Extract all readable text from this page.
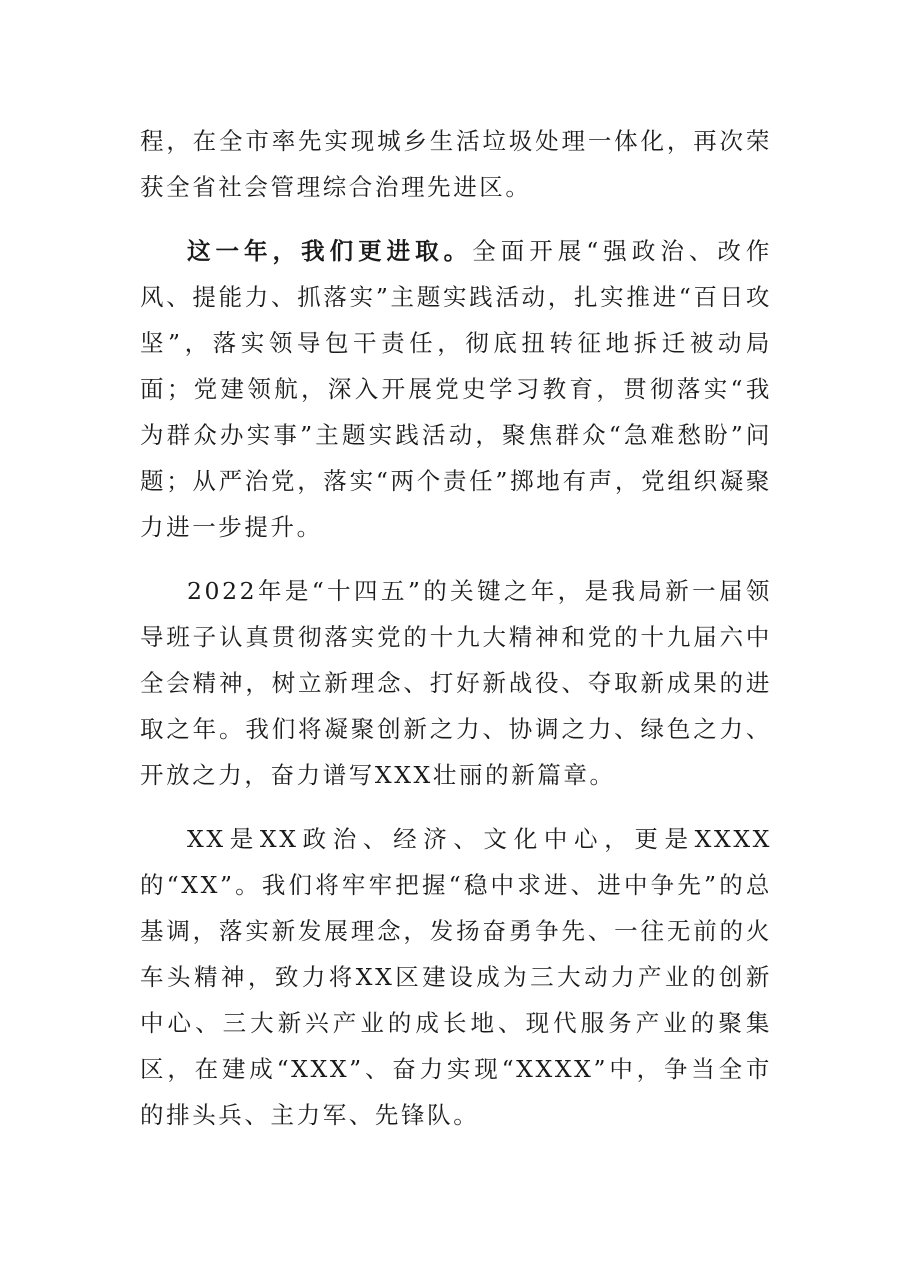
程，在全市率先实现城乡生活垃圾处理一体化，再次荣获全省社会管理综合治理先进区。

这一年，我们更进取。全面开展“强政治、改作风、提能力、抓落实”主题实践活动，扎实推进“百日攻坚”，落实领导包干责任，彻底扭转征地拆迁被动局面；党建领航，深入开展党史学习教育，贯彻落实“我为群众办实事”主题实践活动，聚焦群众“急难愁盼”问题；从严治党，落实“两个责任”掷地有声，党组织凝聚力进一步提升。

2022年是“十四五”的关键之年，是我局新一届领导班子认真贯彻落实党的十九大精神和党的十九届六中全会精神，树立新理念、打好新战役、夺取新成果的进取之年。我们将凝聚创新之力、协调之力、绿色之力、开放之力，奋力谱写XXX壮丽的新篇章。

XX是XX政治、经济、文化中心，更是XXXX的“XX”。我们将牢牢把握“稳中求进、进中争先”的总基调，落实新发展理念，发扬奋勇争先、一往无前的火车头精神，致力将XX区建设成为三大动力产业的创新中心、三大新兴产业的成长地、现代服务产业的聚集区，在建成“XXX”、奋力实现“XXXX”中，争当全市的排头兵、主力军、先锋队。
